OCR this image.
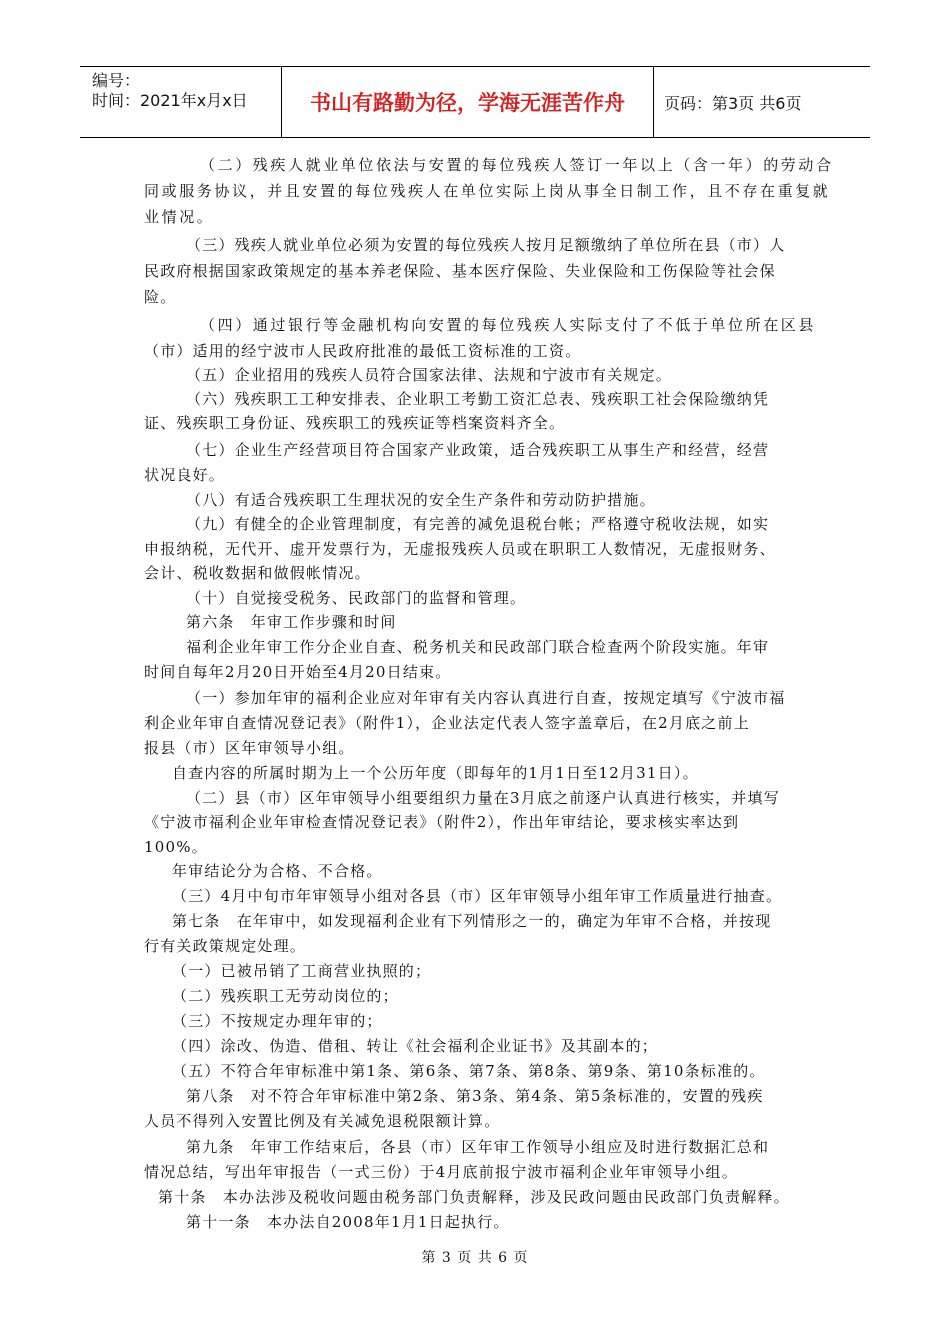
编号：
时间：2021年x月x日	书山有路勤为径，学海无涯苦作舟	页码：第3页 共6页
（二）残疾人就业单位依法与安置的每位残疾人签订一年以上（含一年）的劳动合
同或服务协议，并且安置的每位残疾人在单位实际上岗从事全日制工作，且不存在重复就
业情况。
（三）残疾人就业单位必须为安置的每位残疾人按月足额缴纳了单位所在县（市）人
民政府根据国家政策规定的基本养老保险、基本医疗保险、失业保险和工伤保险等社会保
险。
（四）通过银行等金融机构向安置的每位残疾人实际支付了不低于单位所在区县
（市）适用的经宁波市人民政府批准的最低工资标准的工资。
（五）企业招用的残疾人员符合国家法律、法规和宁波市有关规定。
（六）残疾职工工种安排表、企业职工考勤工资汇总表、残疾职工社会保险缴纳凭
证、残疾职工身份证、残疾职工的残疾证等档案资料齐全。
（七）企业生产经营项目符合国家产业政策，适合残疾职工从事生产和经营，经营
状况良好。
（八）有适合残疾职工生理状况的安全生产条件和劳动防护措施。
（九）有健全的企业管理制度，有完善的减免退税台帐；严格遵守税收法规，如实
申报纳税，无代开、虚开发票行为，无虚报残疾人员或在职职工人数情况，无虚报财务、
会计、税收数据和做假帐情况。
（十）自觉接受税务、民政部门的监督和管理。
第六条　年审工作步骤和时间
福利企业年审工作分企业自查、税务机关和民政部门联合检查两个阶段实施。年审
时间自每年2月20日开始至4月20日结束。
（一）参加年审的福利企业应对年审有关内容认真进行自查，按规定填写《宁波市福
利企业年审自查情况登记表》（附件1），企业法定代表人签字盖章后，在2月底之前上
报县（市）区年审领导小组。
自查内容的所属时期为上一个公历年度（即每年的1月1日至12月31日）。
（二）县（市）区年审领导小组要组织力量在3月底之前逐户认真进行核实，并填写
《宁波市福利企业年审检查情况登记表》（附件2），作出年审结论，要求核实率达到
100%。
年审结论分为合格、不合格。
（三）4月中旬市年审领导小组对各县（市）区年审领导小组年审工作质量进行抽查。
第七条　在年审中，如发现福利企业有下列情形之一的，确定为年审不合格，并按现
行有关政策规定处理。
（一）已被吊销了工商营业执照的；
（二）残疾职工无劳动岗位的；
（三）不按规定办理年审的；
（四）涂改、伪造、借租、转让《社会福利企业证书》及其副本的；
（五）不符合年审标准中第1条、第6条、第7条、第8条、第9条、第10条标准的。
第八条　对不符合年审标准中第2条、第3条、第4条、第5条标准的，安置的残疾
人员不得列入安置比例及有关减免退税限额计算。
第九条　年审工作结束后，各县（市）区年审工作领导小组应及时进行数据汇总和
情况总结，写出年审报告（一式三份）于4月底前报宁波市福利企业年审领导小组。
第十条　本办法涉及税收问题由税务部门负责解释，涉及民政问题由民政部门负责解释。
第十一条　本办法自2008年1月1日起执行。
第 3 页 共 6 页
